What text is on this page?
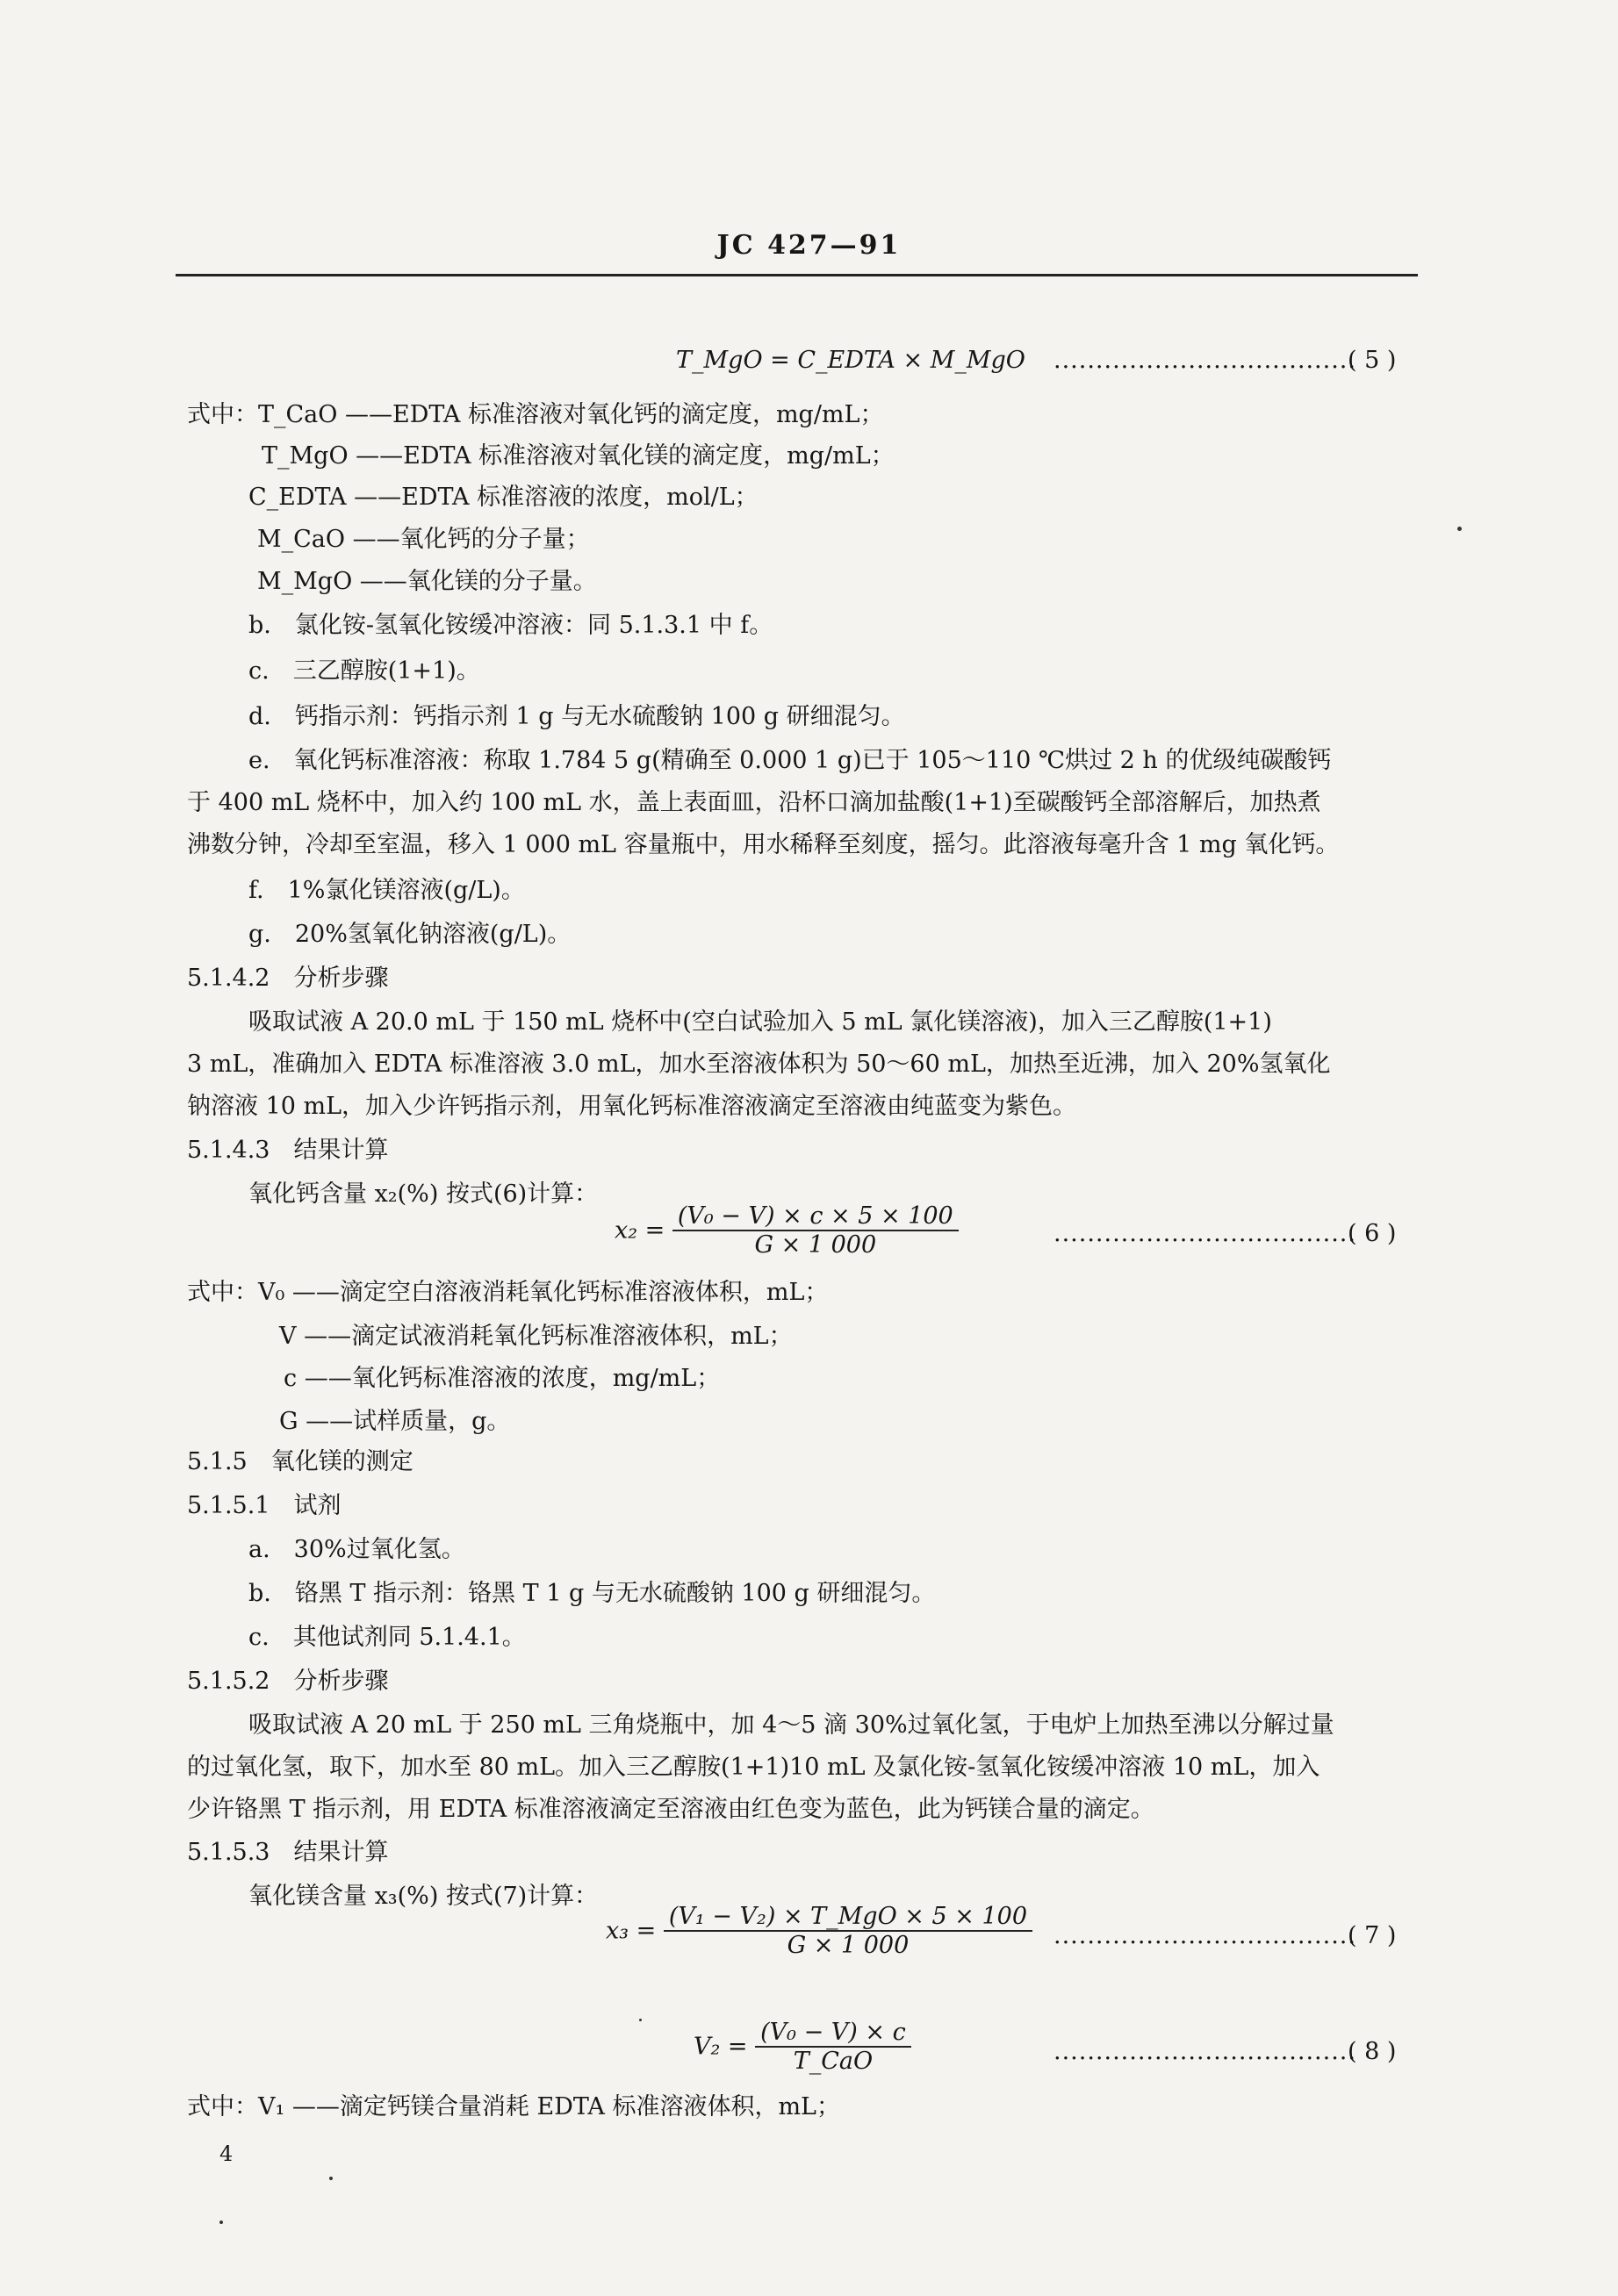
JC 427—91
T_MgO = C_EDTA × M_MgO ....................................
( 5 )
式中：T_CaO ——EDTA 标准溶液对氧化钙的滴定度，mg/mL；
T_MgO ——EDTA 标准溶液对氧化镁的滴定度，mg/mL；
C_EDTA ——EDTA 标准溶液的浓度，mol/L；
M_CaO ——氧化钙的分子量；
M_MgO ——氧化镁的分子量。
b.　氯化铵-氢氧化铵缓冲溶液：同 5.1.3.1 中 f。
c.　三乙醇胺(1+1)。
d.　钙指示剂：钙指示剂 1 g 与无水硫酸钠 100 g 研细混匀。
e.　氧化钙标准溶液：称取 1.784 5 g(精确至 0.000 1 g)已于 105～110 ℃烘过 2 h 的优级纯碳酸钙
于 400 mL 烧杯中，加入约 100 mL 水，盖上表面皿，沿杯口滴加盐酸(1+1)至碳酸钙全部溶解后，加热煮
沸数分钟，冷却至室温，移入 1 000 mL 容量瓶中，用水稀释至刻度，摇匀。此溶液每毫升含 1 mg 氧化钙。
f.　1%氯化镁溶液(g/L)。
g.　20%氢氧化钠溶液(g/L)。
5.1.4.2　分析步骤
吸取试液 A 20.0 mL 于 150 mL 烧杯中(空白试验加入 5 mL 氯化镁溶液)，加入三乙醇胺(1+1)
3 mL，准确加入 EDTA 标准溶液 3.0 mL，加水至溶液体积为 50～60 mL，加热至近沸，加入 20%氢氧化
钠溶液 10 mL，加入少许钙指示剂，用氧化钙标准溶液滴定至溶液由纯蓝变为紫色。
5.1.4.3　结果计算
氧化钙含量 x₂(%) 按式(6)计算：
$x_2 = \frac{\text{(V₀ − V) × c × 5 × 100}}{G \times 1 000}$	....................................
( 6 )
式中：V₀ ——滴定空白溶液消耗氧化钙标准溶液体积，mL；
V ——滴定试液消耗氧化钙标准溶液体积，mL；
c ——氧化钙标准溶液的浓度，mg/mL；
G ——试样质量，g。
5.1.5　氧化镁的测定
5.1.5.1　试剂
a.　30%过氧化氢。
b.　铬黑 T 指示剂：铬黑 T 1 g 与无水硫酸钠 100 g 研细混匀。
c.　其他试剂同 5.1.4.1。
5.1.5.2　分析步骤
吸取试液 A 20 mL 于 250 mL 三角烧瓶中，加 4～5 滴 30%过氧化氢，于电炉上加热至沸以分解过量
的过氧化氢，取下，加水至 80 mL。加入三乙醇胺(1+1)10 mL 及氯化铵-氢氧化铵缓冲溶液 10 mL，加入
少许铬黑 T 指示剂，用 EDTA 标准溶液滴定至溶液由红色变为蓝色，此为钙镁合量的滴定。
5.1.5.3　结果计算
氧化镁含量 x₃(%) 按式(7)计算：
$x_3 = \frac{\text{(V₁ − V₂) × T\_MgO × 5 × 100}}{G \times 1 000}$ ....................................
( 7 )
$V_2 = \frac{\text{(V₀ − V) × c}}{\text{T\_CaO}}$	....................................
( 8 )
式中：V₁ ——滴定钙镁合量消耗 EDTA 标准溶液体积，mL；
4
